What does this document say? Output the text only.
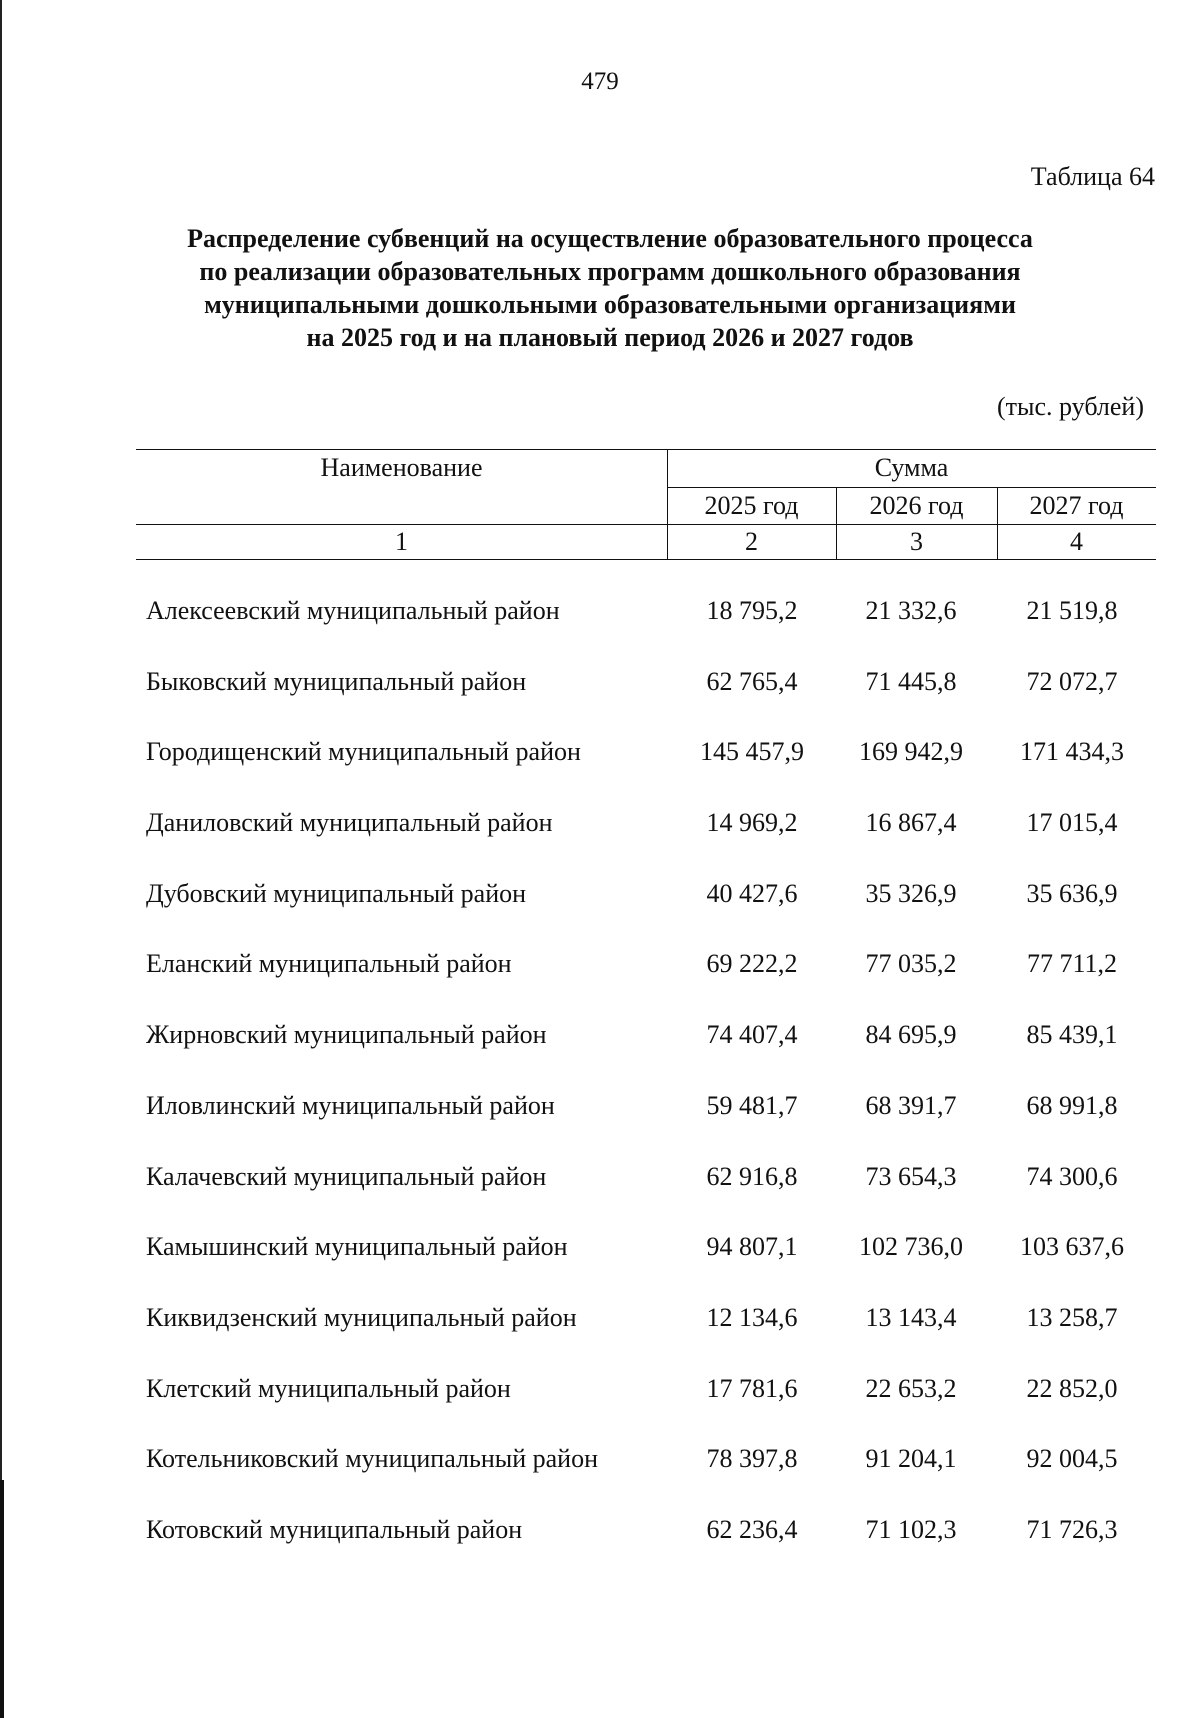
479
Таблица 64
Распределение субвенций на осуществление образовательного процесса
по реализации образовательных программ дошкольного образования
муниципальными дошкольными образовательными организациями
на 2025 год и на плановый период 2026 и 2027 годов
(тыс. рублей)
Наименование	Сумма
2025 год	2026 год	2027 год
1	2	3	4
Алексеевский муниципальный район	18 795,2	21 332,6	21 519,8
Быковский муниципальный район	62 765,4	71 445,8	72 072,7
Городищенский муниципальный район	145 457,9	169 942,9	171 434,3
Даниловский муниципальный район	14 969,2	16 867,4	17 015,4
Дубовский муниципальный район	40 427,6	35 326,9	35 636,9
Еланский муниципальный район	69 222,2	77 035,2	77 711,2
Жирновский муниципальный район	74 407,4	84 695,9	85 439,1
Иловлинский муниципальный район	59 481,7	68 391,7	68 991,8
Калачевский муниципальный район	62 916,8	73 654,3	74 300,6
Камышинский муниципальный район	94 807,1	102 736,0	103 637,6
Киквидзенский муниципальный район	12 134,6	13 143,4	13 258,7
Клетский муниципальный район	17 781,6	22 653,2	22 852,0
Котельниковский муниципальный район	78 397,8	91 204,1	92 004,5
Котовский муниципальный район	62 236,4	71 102,3	71 726,3
